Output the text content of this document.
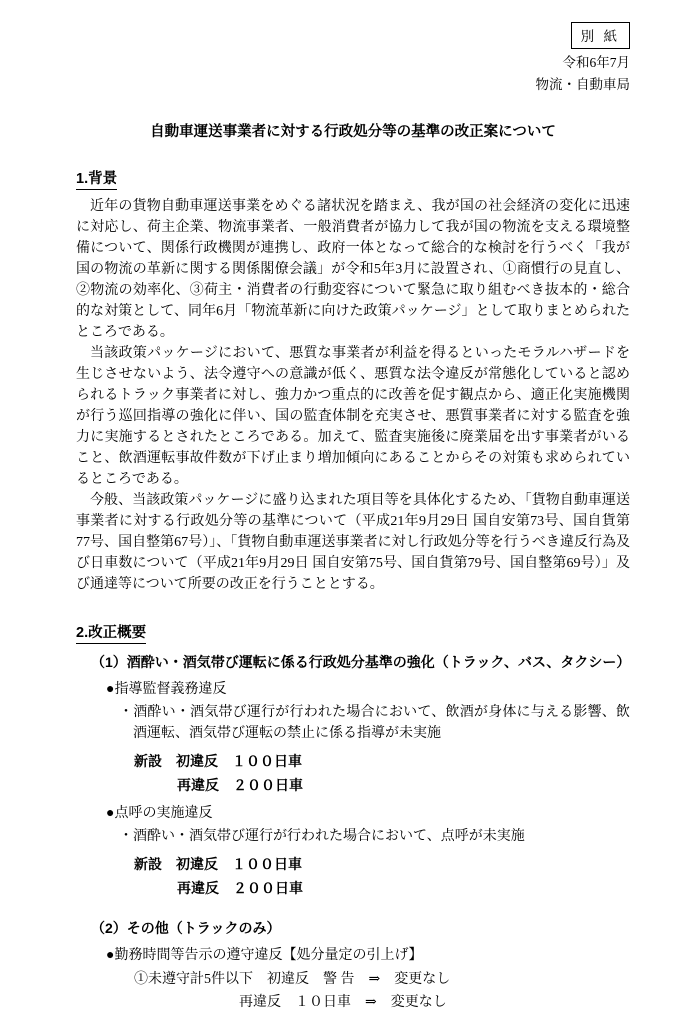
別 紙
令和6年7月
物流・自動車局
自動車運送事業者に対する行政処分等の基準の改正案について
1.背景

近年の貨物自動車運送事業をめぐる諸状況を踏まえ、我が国の社会経済の変化に迅速に対応し、荷主企業、物流事業者、一般消費者が協力して我が国の物流を支える環境整備について、関係行政機関が連携し、政府一体となって総合的な検討を行うべく「我が国の物流の革新に関する関係閣僚会議」が令和5年3月に設置され、①商慣行の見直し、②物流の効率化、③荷主・消費者の行動変容について緊急に取り組むべき抜本的・総合的な対策として、同年6月「物流革新に向けた政策パッケージ」として取りまとめられたところである。

当該政策パッケージにおいて、悪質な事業者が利益を得るといったモラルハザードを生じさせないよう、法令遵守への意識が低く、悪質な法令違反が常態化していると認められるトラック事業者に対し、強力かつ重点的に改善を促す観点から、適正化実施機関が行う巡回指導の強化に伴い、国の監査体制を充実させ、悪質事業者に対する監査を強力に実施するとされたところである。加えて、監査実施後に廃業届を出す事業者がいること、飲酒運転事故件数が下げ止まり増加傾向にあることからその対策も求められているところである。

今般、当該政策パッケージに盛り込まれた項目等を具体化するため、「貨物自動車運送事業者に対する行政処分等の基準について（平成21年9月29日 国自安第73号、国自貨第77号、国自整第67号）」、「貨物自動車運送事業者に対し行政処分等を行うべき違反行為及び日車数について（平成21年9月29日 国自安第75号、国自貨第79号、国自整第69号）」及び通達等について所要の改正を行うこととする。

2.改正概要
（1）酒酔い・酒気帯び運転に係る行政処分基準の強化（トラック、バス、タクシー）
●指導監督義務違反
・酒酔い・酒気帯び運行が行われた場合において、飲酒が身体に与える影響、飲酒運転、酒気帯び運転の禁止に係る指導が未実施
新設　初違反　１００日車
再違反　２００日車
●点呼の実施違反
・酒酔い・酒気帯び運行が行われた場合において、点呼が未実施
新設　初違反　１００日車
再違反　２００日車
（2）その他（トラックのみ）
●勤務時間等告示の遵守違反【処分量定の引上げ】
①未遵守計5件以下　初違反　警 告　⇒　変更なし
再違反　１０日車　⇒　変更なし
